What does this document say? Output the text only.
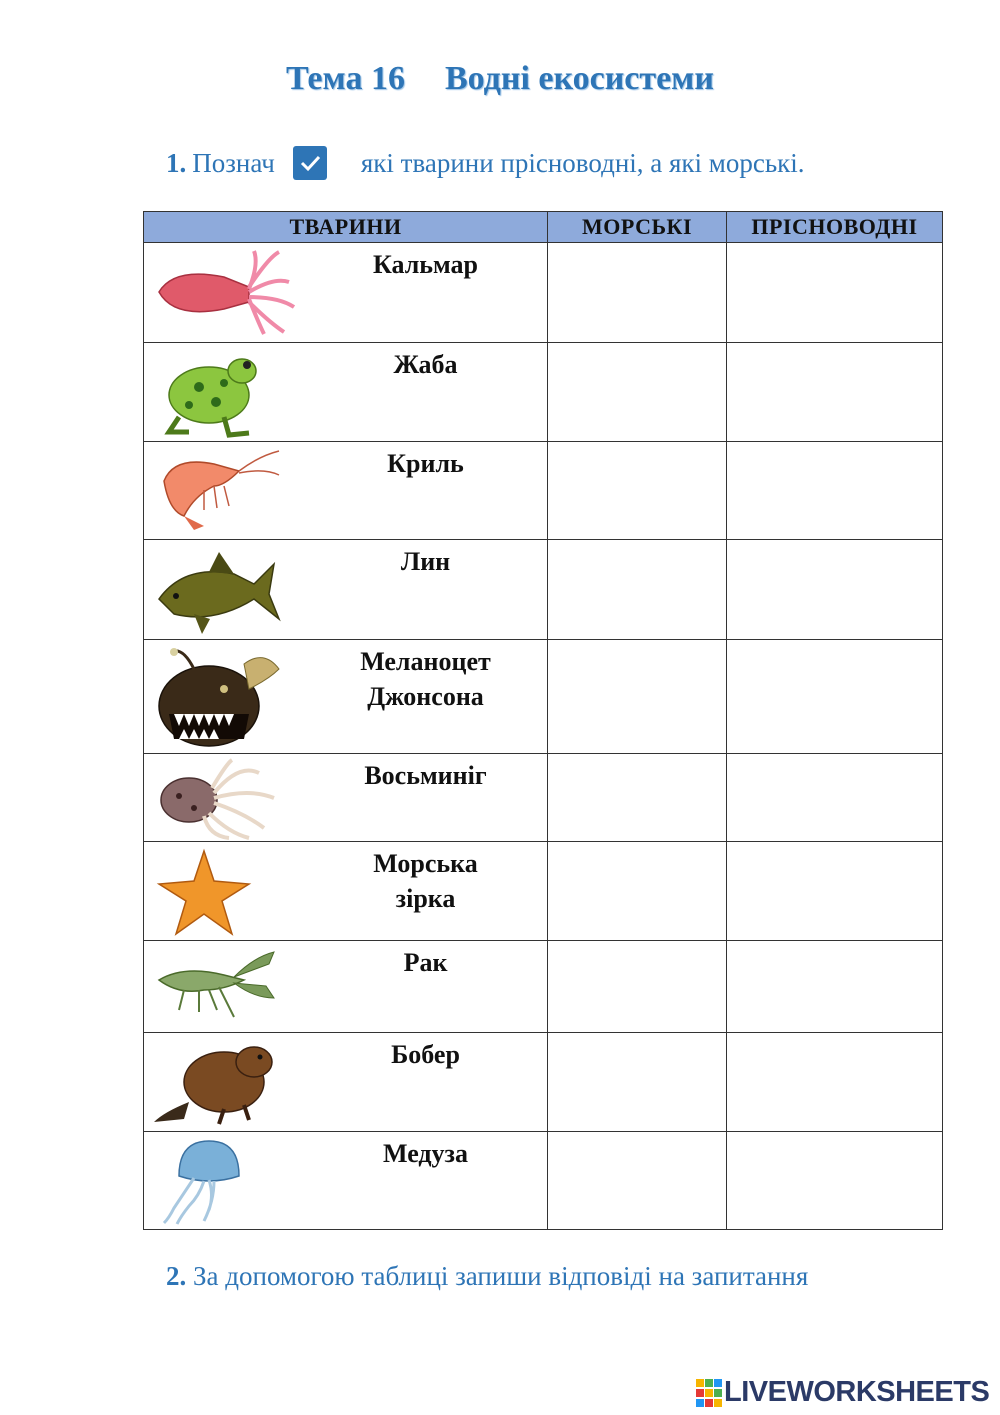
Тема 16 Водні екосистеми
1. Познач	які тварини прісноводні, а які морські.
ТВАРИНИ	МОРСЬКІ	ПРІСНОВОДНІ

Кальмар		

Жаба		

Криль		

Лин		

Меланоцет
Джонсона		

Восьминіг		

Морська
зірка		

Рак		

Бобер		

Медуза		

2. За допомогою таблиці запиши відповіді на запитання
LIVEWORKSHEETS
